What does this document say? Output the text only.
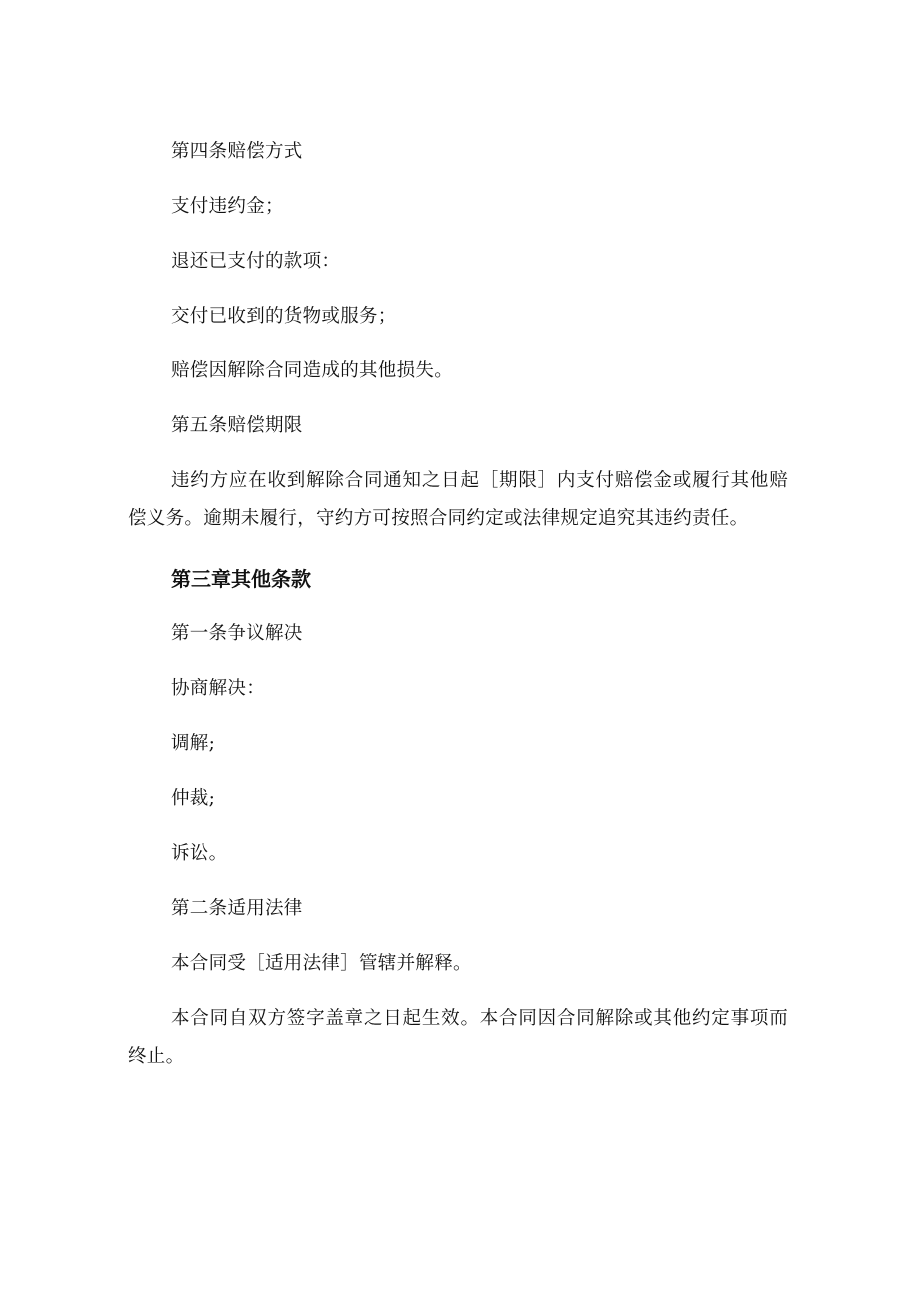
第四条赔偿方式
支付违约金；
退还已支付的款项：
交付已收到的货物或服务；
赔偿因解除合同造成的其他损失。
第五条赔偿期限
违约方应在收到解除合同通知之日起［期限］内支付赔偿金或履行其他赔偿义务。逾期未履行，守约方可按照合同约定或法律规定追究其违约责任。
第三章其他条款
第一条争议解决
协商解决：
调解;
仲裁;
诉讼。
第二条适用法律
本合同受［适用法律］管辖并解释。
本合同自双方签字盖章之日起生效。本合同因合同解除或其他约定事项而终止。
